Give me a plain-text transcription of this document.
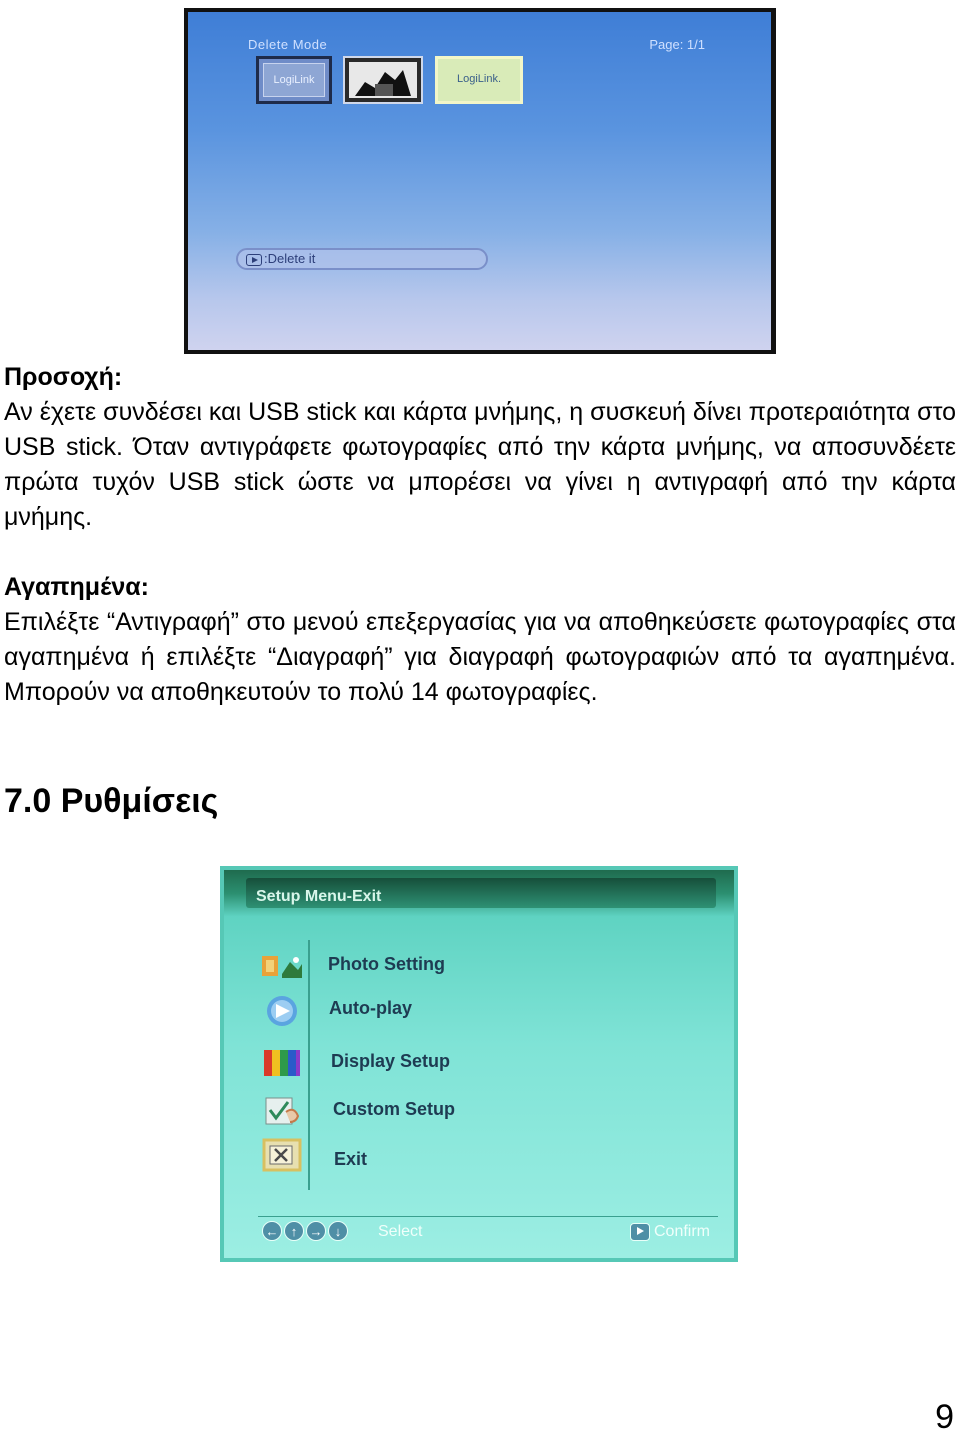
Delete Mode	Page: 1/1
LogiLink	LogiLink.
:Delete it
Προσοχή:

Αν έχετε συνδέσει και USB stick και κάρτα μνήμης, η συσκευή δίνει προτεραιότητα στο USB stick. Όταν αντιγράφετε φωτογραφίες από την κάρτα μνήμης, να αποσυνδέετε πρώτα τυχόν USB stick ώστε να μπορέσει να γίνει η αντιγραφή από την κάρτα μνήμης.

Αγαπημένα:

Επιλέξτε “Αντιγραφή” στο μενού επεξεργασίας για να αποθηκεύσετε φωτογραφίες στα αγαπημένα ή επιλέξτε “Διαγραφή” για διαγραφή φωτογραφιών από τα αγαπημένα. Μπορούν να αποθηκευτούν το πολύ 14 φωτογραφίες.

7.0 Ρυθμίσεις
Setup Menu-Exit
Photo Setting
Auto-play
Display Setup
Custom Setup
Exit
← ↑ → ↓	Select	Confirm
9
